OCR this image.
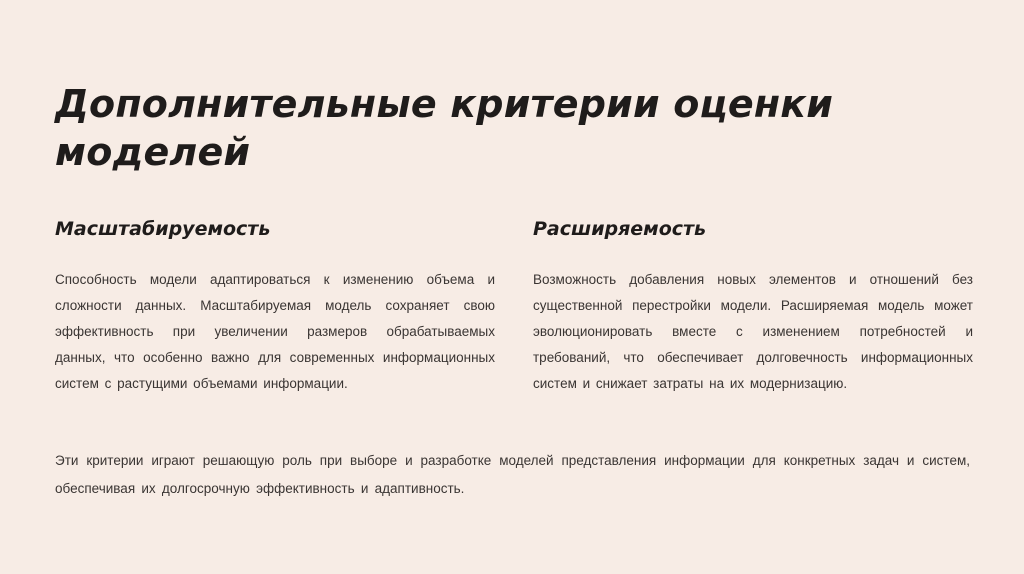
Дополнительные критерии оценки моделей
Масштабируемость

Способность модели адаптироваться к изменению объема и сложности данных. Масштабируемая модель сохраняет свою эффективность при увеличении размеров обрабатываемых данных, что особенно важно для современных информационных систем с растущими объемами информации.

Расширяемость

Возможность добавления новых элементов и отношений без существенной перестройки модели. Расширяемая модель может эволюционировать вместе с изменением потребностей и требований, что обеспечивает долговечность информационных систем и снижает затраты на их модернизацию.

Эти критерии играют решающую роль при выборе и разработке моделей представления информации для конкретных задач и систем, обеспечивая их долгосрочную эффективность и адаптивность.
